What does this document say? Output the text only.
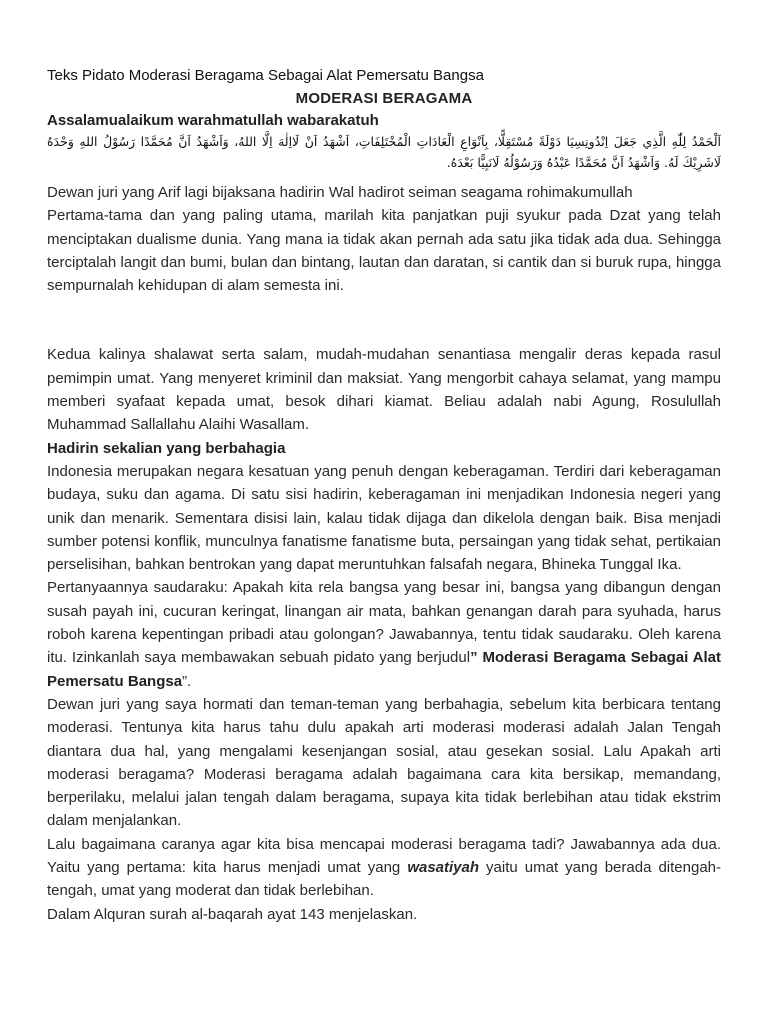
Teks Pidato Moderasi Beragama Sebagai Alat Pemersatu Bangsa

MODERASI BERAGAMA
Assalamualaikum warahmatullah wabarakatuh
اَلْحَمْدُ لِلّٰهِ الَّذِي جَعَلَ اِنْدُونِسِيَا دَوْلَةً مُسْتَقِلًّا، بِاَنْوَاعِ الْعَادَاتِ الْمُخْتَلِفَاتِ، اَشْهَدُ اَنْ لَااِلٰهَ اِلَّا اللهُ، وَاَشْهَدُ اَنَّ مُحَمَّدًا رَسُوْلُ اللهِ وَحْدَهُ لَاشَرِيْكَ لَهُ. وَاَشْهَدُ اَنَّ مُحَمَّدًا عَبْدُهُ وَرَسُوْلُهُ لَانَبِيًّا بَعْدَهُ.

Dewan juri yang Arif lagi bijaksana hadirin Wal hadirot seiman seagama rohimakumullah

Pertama-tama dan yang paling utama, marilah kita panjatkan puji syukur pada Dzat yang telah menciptakan dualisme dunia. Yang mana ia tidak akan pernah ada satu jika tidak ada dua. Sehingga terciptalah langit dan bumi, bulan dan bintang, lautan dan daratan, si cantik dan si buruk rupa, hingga sempurnalah kehidupan di alam semesta ini.

Kedua kalinya shalawat serta salam, mudah-mudahan senantiasa mengalir deras kepada rasul pemimpin umat. Yang menyeret kriminil dan maksiat. Yang mengorbit cahaya selamat, yang mampu memberi syafaat kepada umat, besok dihari kiamat. Beliau adalah nabi Agung, Rosulullah Muhammad Sallallahu Alaihi Wasallam.

Hadirin sekalian yang berbahagia

Indonesia merupakan negara kesatuan yang penuh dengan keberagaman. Terdiri dari keberagaman budaya, suku dan agama. Di satu sisi hadirin, keberagaman ini menjadikan Indonesia negeri yang unik dan menarik. Sementara disisi lain, kalau tidak dijaga dan dikelola dengan baik. Bisa menjadi sumber potensi konflik, munculnya fanatisme fanatisme buta, persaingan yang tidak sehat, pertikaian perselisihan, bahkan bentrokan yang dapat meruntuhkan falsafah negara, Bhineka Tunggal Ika.

Pertanyaannya saudaraku: Apakah kita rela bangsa yang besar ini, bangsa yang dibangun dengan susah payah ini, cucuran keringat, linangan air mata, bahkan genangan darah para syuhada, harus roboh karena kepentingan pribadi atau golongan? Jawabannya, tentu tidak saudaraku. Oleh karena itu. Izinkanlah saya membawakan sebuah pidato yang berjudul” Moderasi Beragama Sebagai Alat Pemersatu Bangsa”.

Dewan juri yang saya hormati dan teman-teman yang berbahagia, sebelum kita berbicara tentang moderasi. Tentunya kita harus tahu dulu apakah arti moderasi moderasi adalah Jalan Tengah diantara dua hal, yang mengalami kesenjangan sosial, atau gesekan sosial. Lalu Apakah arti moderasi beragama? Moderasi beragama adalah bagaimana cara kita bersikap, memandang, berperilaku, melalui jalan tengah dalam beragama, supaya kita tidak berlebihan atau tidak ekstrim dalam menjalankan.

Lalu bagaimana caranya agar kita bisa mencapai moderasi beragama tadi? Jawabannya ada dua. Yaitu yang pertama: kita harus menjadi umat yang wasatiyah yaitu umat yang berada ditengah-tengah, umat yang moderat dan tidak berlebihan.

Dalam Alquran surah al-baqarah ayat 143 menjelaskan.
